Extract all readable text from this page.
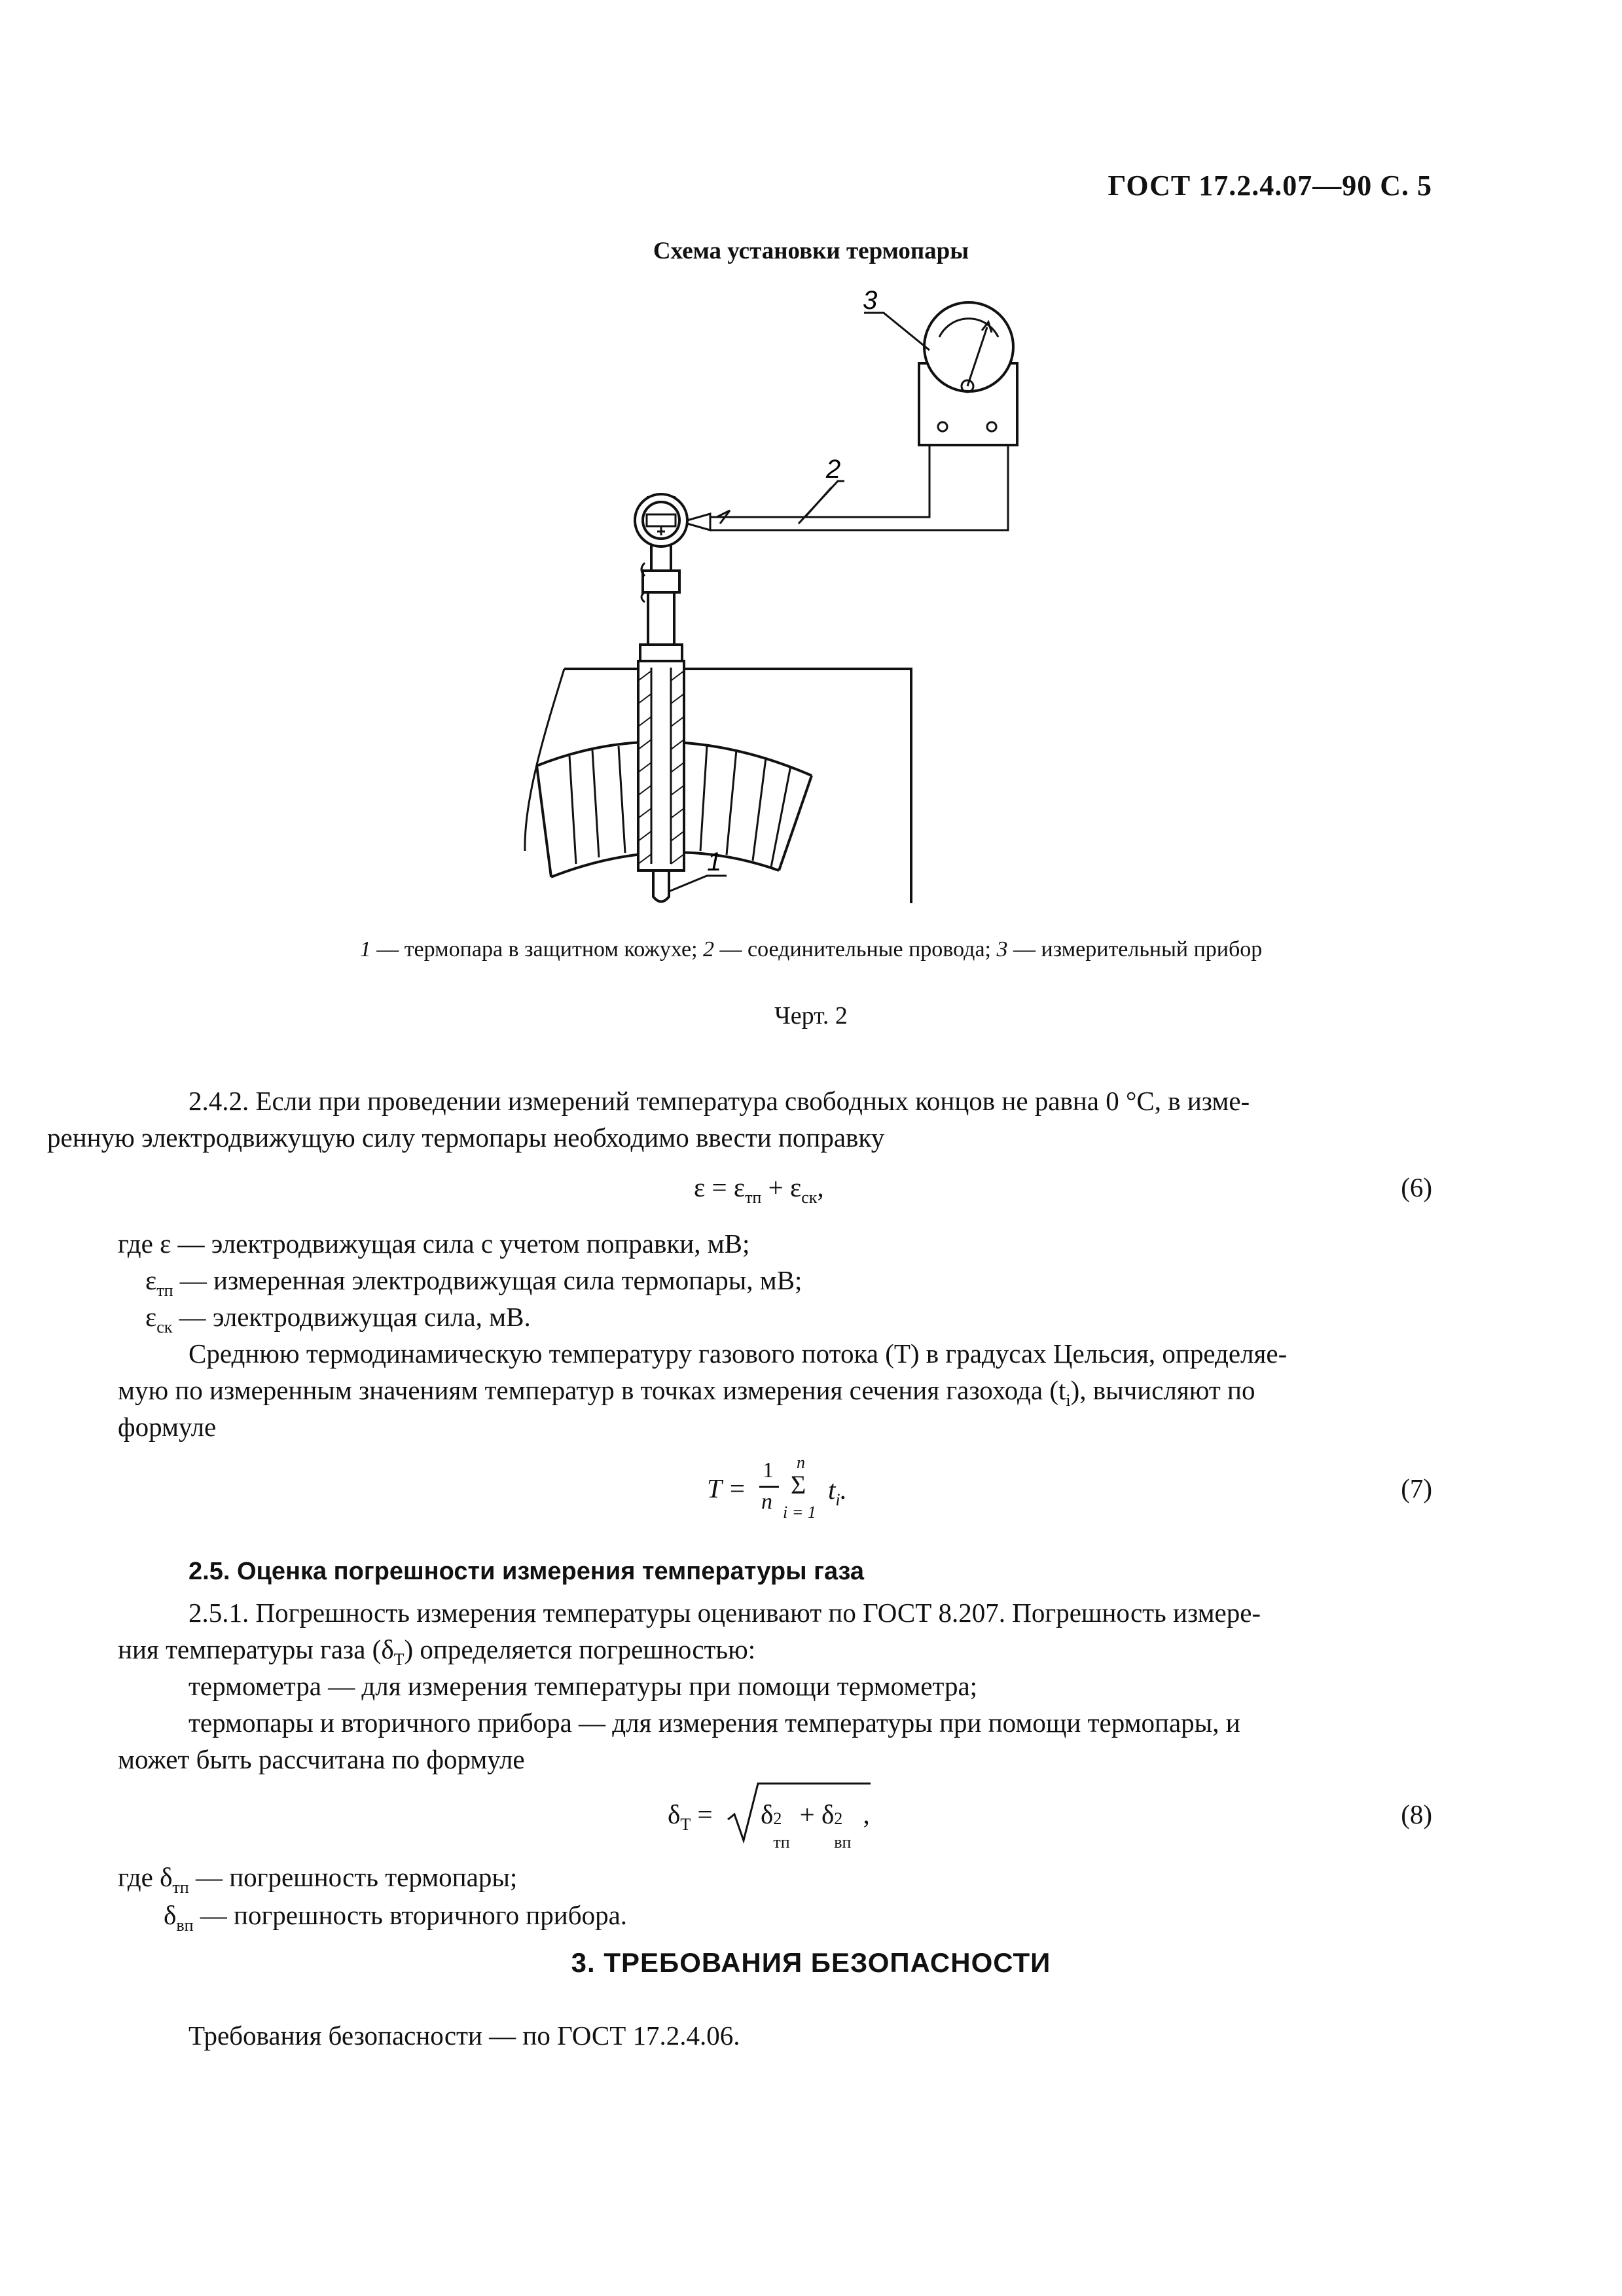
ГОСТ 17.2.4.07—90 С. 5
Схема установки термопары
3
2
1
1 — термопара в защитном кожухе; 2 — соединительные провода; 3 — измерительный прибор
Черт. 2
2.4.2. Если при проведении измерений температура свободных концов не равна 0 °С, в изме-
ренную электродвижущую силу термопары необходимо ввести поправку
$\varepsilon = \varepsilon_{тп} + \varepsilon_{ск}$,	(6)
где ε — электродвижущая сила с учетом поправки, мВ;
$\varepsilon_{тп}$ — измеренная электродвижущая сила термопары, мВ;
$\varepsilon_{ск}$ — электродвижущая сила, мВ.
Среднюю термодинамическую температуру газового потока (T) в градусах Цельсия, определяе-
мую по измеренным значениям температур в точках измерения сечения газохода $(t_i)$, вычисляют по
формуле
T =
1
n
n
Σ
i = 1
$t_i$.	(7)
2.5. Оценка погрешности измерения температуры газа
2.5.1. Погрешность измерения температуры оценивают по ГОСТ 8.207. Погрешность измере-
ния температуры газа $(\delta_Т)$ определяется погрешностью:
термометра — для измерения температуры при помощи термометра;
термопары и вторичного прибора — для измерения температуры при помощи термопары, и
может быть рассчитана по формуле
$\delta_Т = \delta$ 2
тп
+ δ 2
вп
,	(8)
где $\delta_{тп}$ — погрешность термопары;
$\delta_{вп}$ — погрешность вторичного прибора.
3. ТРЕБОВАНИЯ БЕЗОПАСНОСТИ
Требования безопасности — по ГОСТ 17.2.4.06.
